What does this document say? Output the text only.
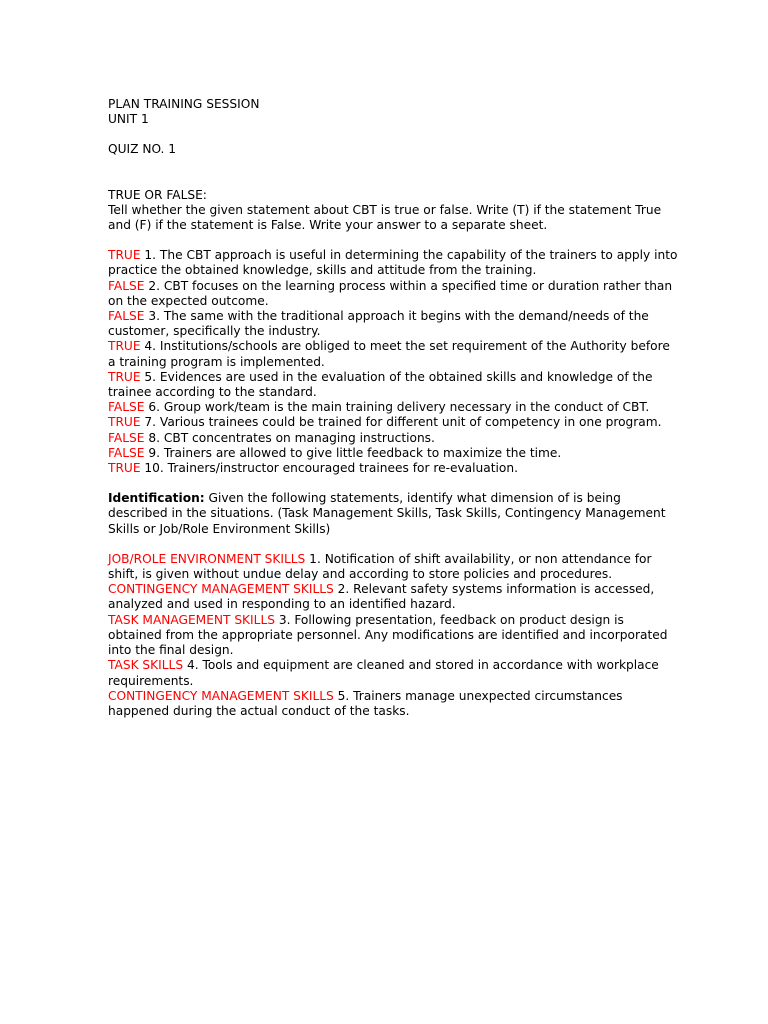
PLAN TRAINING SESSION
UNIT 1
QUIZ NO. 1
TRUE OR FALSE:
Tell whether the given statement about CBT is true or false. Write (T) if the statement True and (F) if the statement is False. Write your answer to a separate sheet.
TRUE 1. The CBT approach is useful in determining the capability of the trainers to apply into practice the obtained knowledge, skills and attitude from the training.
FALSE 2. CBT focuses on the learning process within a specified time or duration rather than on the expected outcome.
FALSE 3. The same with the traditional approach it begins with the demand/needs of the customer, specifically the industry.
TRUE 4. Institutions/schools are obliged to meet the set requirement of the Authority before a training program is implemented.
TRUE 5. Evidences are used in the evaluation of the obtained skills and knowledge of the trainee according to the standard.
FALSE 6. Group work/team is the main training delivery necessary in the conduct of CBT.
TRUE 7. Various trainees could be trained for different unit of competency in one program.
FALSE 8. CBT concentrates on managing instructions.
FALSE 9. Trainers are allowed to give little feedback to maximize the time.
TRUE 10. Trainers/instructor encouraged trainees for re-evaluation.
Identification: Given the following statements, identify what dimension of is being described in the situations. (Task Management Skills, Task Skills, Contingency Management Skills or Job/Role Environment Skills)
JOB/ROLE ENVIRONMENT SKILLS 1. Notification of shift availability, or non attendance for shift, is given without undue delay and according to store policies and procedures.
CONTINGENCY MANAGEMENT SKILLS 2. Relevant safety systems information is accessed, analyzed and used in responding to an identified hazard.
TASK MANAGEMENT SKILLS 3. Following presentation, feedback on product design is obtained from the appropriate personnel. Any modifications are identified and incorporated into the final design.
TASK SKILLS 4. Tools and equipment are cleaned and stored in accordance with workplace requirements.
CONTINGENCY MANAGEMENT SKILLS 5. Trainers manage unexpected circumstances happened during the actual conduct of the tasks.
